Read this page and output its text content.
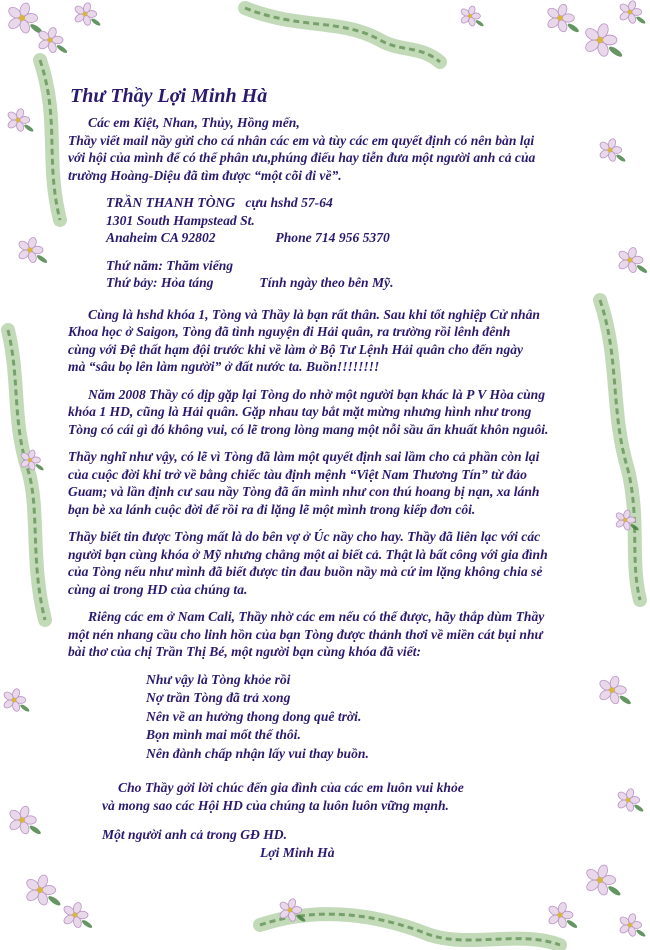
Thư Thầy Lợi Minh Hà
Các em Kiệt, Nhan, Thủy, Hồng mến,
Thầy viết mail nầy gửi cho cá nhân các em và tùy các em quyết định có nên bàn lại
với hội của mình để có thể phân ưu,phúng điếu hay tiễn đưa một người anh cả của
trường Hoàng-Diệu đã tìm được “một cõi đi về”.
TRẦN THANH TÒNG cựu hshd 57-64
1301 South Hampstead St.
Anaheim CA 92802	Phone 714 956 5370
Thứ năm: Thăm viếng
Thứ bảy: Hỏa táng	Tính ngày theo bên Mỹ.
Cùng là hshd khóa 1, Tòng và Thầy là bạn rất thân. Sau khi tốt nghiệp Cử nhân
Khoa học ở Saigon, Tòng đã tình nguyện đi Hải quân, ra trường rồi lênh đênh
cùng với Đệ thất hạm đội trước khi về làm ở Bộ Tư Lệnh Hải quân cho đến ngày
mà “sâu bọ lên làm người” ở đất nước ta. Buồn!!!!!!!!
Năm 2008 Thầy có dịp gặp lại Tòng do nhờ một người bạn khác là P V Hòa cùng
khóa 1 HD, cũng là Hải quân. Gặp nhau tay bắt mặt mừng nhưng hình như trong
Tòng có cái gì đó không vui, có lẽ trong lòng mang một nỗi sầu ẩn khuất khôn nguôi.
Thầy nghĩ như vậy, có lẽ vì Tòng đã làm một quyết định sai lầm cho cả phần còn lại
của cuộc đời khi trở về bằng chiếc tàu định mệnh “Việt Nam Thương Tín” từ đảo
Guam; và lần định cư sau nầy Tòng đã ẩn mình như con thú hoang bị nạn, xa lánh
bạn bè xa lánh cuộc đời để rồi ra đi lặng lẽ một mình trong kiếp đơn côi.
Thầy biết tin được Tòng mất là do bên vợ ở Úc nầy cho hay. Thầy đã liên lạc với các
người bạn cùng khóa ở Mỹ nhưng chẳng một ai biết cả. Thật là bất công với gia đình
của Tòng nếu như mình đã biết được tin đau buồn nầy mà cứ im lặng không chia sẻ
cùng ai trong HD của chúng ta.
Riêng các em ở Nam Cali, Thầy nhờ các em nếu có thể được, hãy thắp dùm Thầy
một nén nhang cầu cho linh hồn của bạn Tòng được thảnh thơi về miền cát bụi như
bài thơ của chị Trần Thị Bé, một người bạn cùng khóa đã viết:
Như vậy là Tòng khỏe rồi
Nợ trần Tòng đã trả xong
Nên về an hưởng thong dong quê trời.
Bọn mình mai mốt thế thôi.
Nên đành chấp nhận lấy vui thay buồn.
Cho Thầy gởi lời chúc đến gia đình của các em luôn vui khỏe
và mong sao các Hội HD của chúng ta luôn luôn vững mạnh.
Một người anh cả trong GĐ HD.
Lợi Minh Hà
